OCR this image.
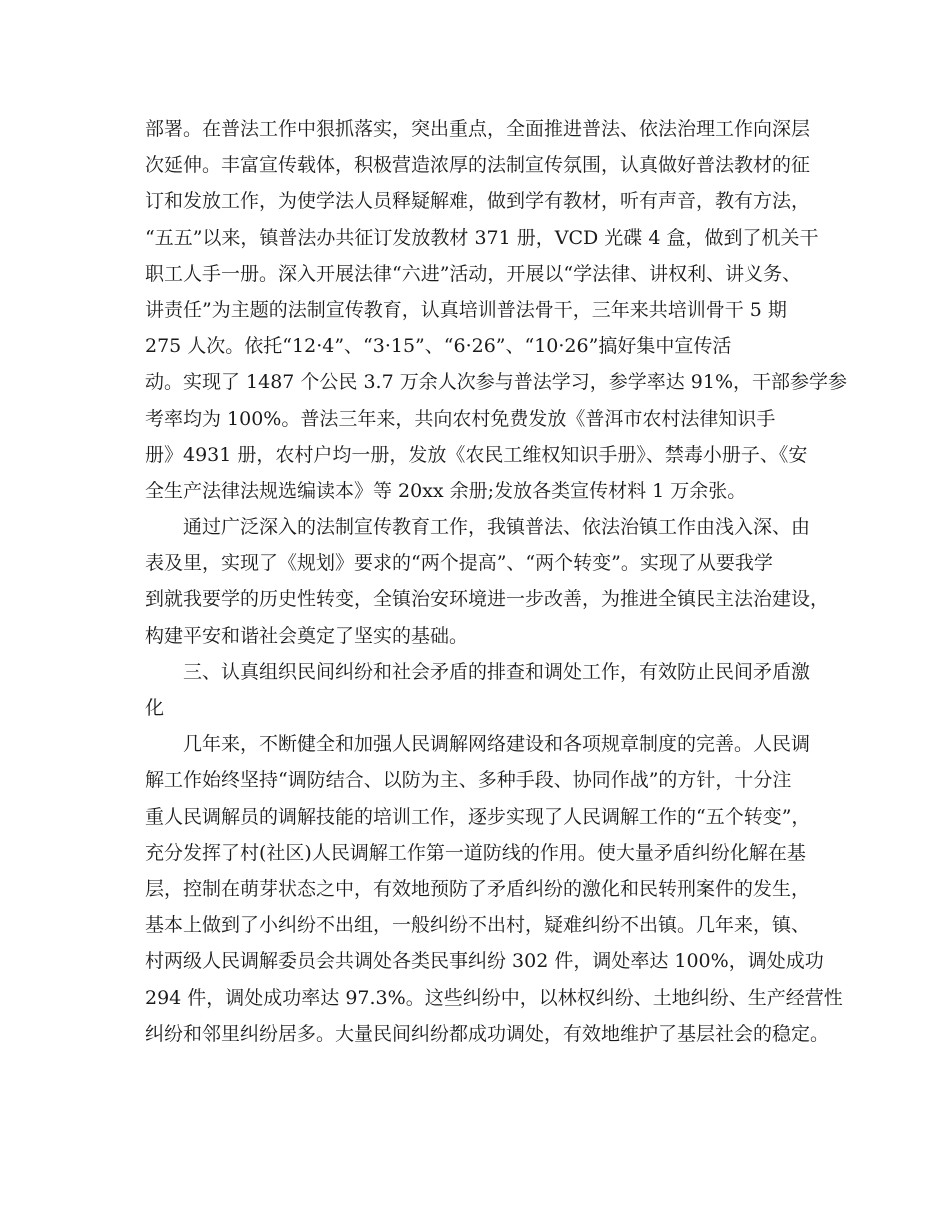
部署。在普法工作中狠抓落实，突出重点，全面推进普法、依法治理工作向深层
次延伸。丰富宣传载体，积极营造浓厚的法制宣传氛围，认真做好普法教材的征
订和发放工作，为使学法人员释疑解难，做到学有教材，听有声音，教有方法，
“五五”以来，镇普法办共征订发放教材 371 册，VCD 光碟 4 盒，做到了机关干
职工人手一册。深入开展法律“六进”活动，开展以“学法律、讲权利、讲义务、
讲责任”为主题的法制宣传教育，认真培训普法骨干，三年来共培训骨干 5 期
275 人次。依托“12·4”、“3·15”、“6·26”、“10·26”搞好集中宣传活
动。实现了 1487 个公民 3.7 万余人次参与普法学习，参学率达 91%，干部参学参
考率均为 100%。普法三年来，共向农村免费发放《普洱市农村法律知识手
册》4931 册，农村户均一册，发放《农民工维权知识手册》、禁毒小册子、《安
全生产法律法规选编读本》等 20xx 余册;发放各类宣传材料 1 万余张。
　　通过广泛深入的法制宣传教育工作，我镇普法、依法治镇工作由浅入深、由
表及里，实现了《规划》要求的“两个提高”、“两个转变”。实现了从要我学
到就我要学的历史性转变，全镇治安环境进一步改善，为推进全镇民主法治建设，
构建平安和谐社会奠定了坚实的基础。
　　三、认真组织民间纠纷和社会矛盾的排查和调处工作，有效防止民间矛盾激
化
　　几年来，不断健全和加强人民调解网络建设和各项规章制度的完善。人民调
解工作始终坚持“调防结合、以防为主、多种手段、协同作战”的方针，十分注
重人民调解员的调解技能的培训工作，逐步实现了人民调解工作的“五个转变”，
充分发挥了村(社区)人民调解工作第一道防线的作用。使大量矛盾纠纷化解在基
层，控制在萌芽状态之中，有效地预防了矛盾纠纷的激化和民转刑案件的发生，
基本上做到了小纠纷不出组，一般纠纷不出村，疑难纠纷不出镇。几年来，镇、
村两级人民调解委员会共调处各类民事纠纷 302 件，调处率达 100%，调处成功
294 件，调处成功率达 97.3%。这些纠纷中，以林权纠纷、土地纠纷、生产经营性
纠纷和邻里纠纷居多。大量民间纠纷都成功调处，有效地维护了基层社会的稳定。
